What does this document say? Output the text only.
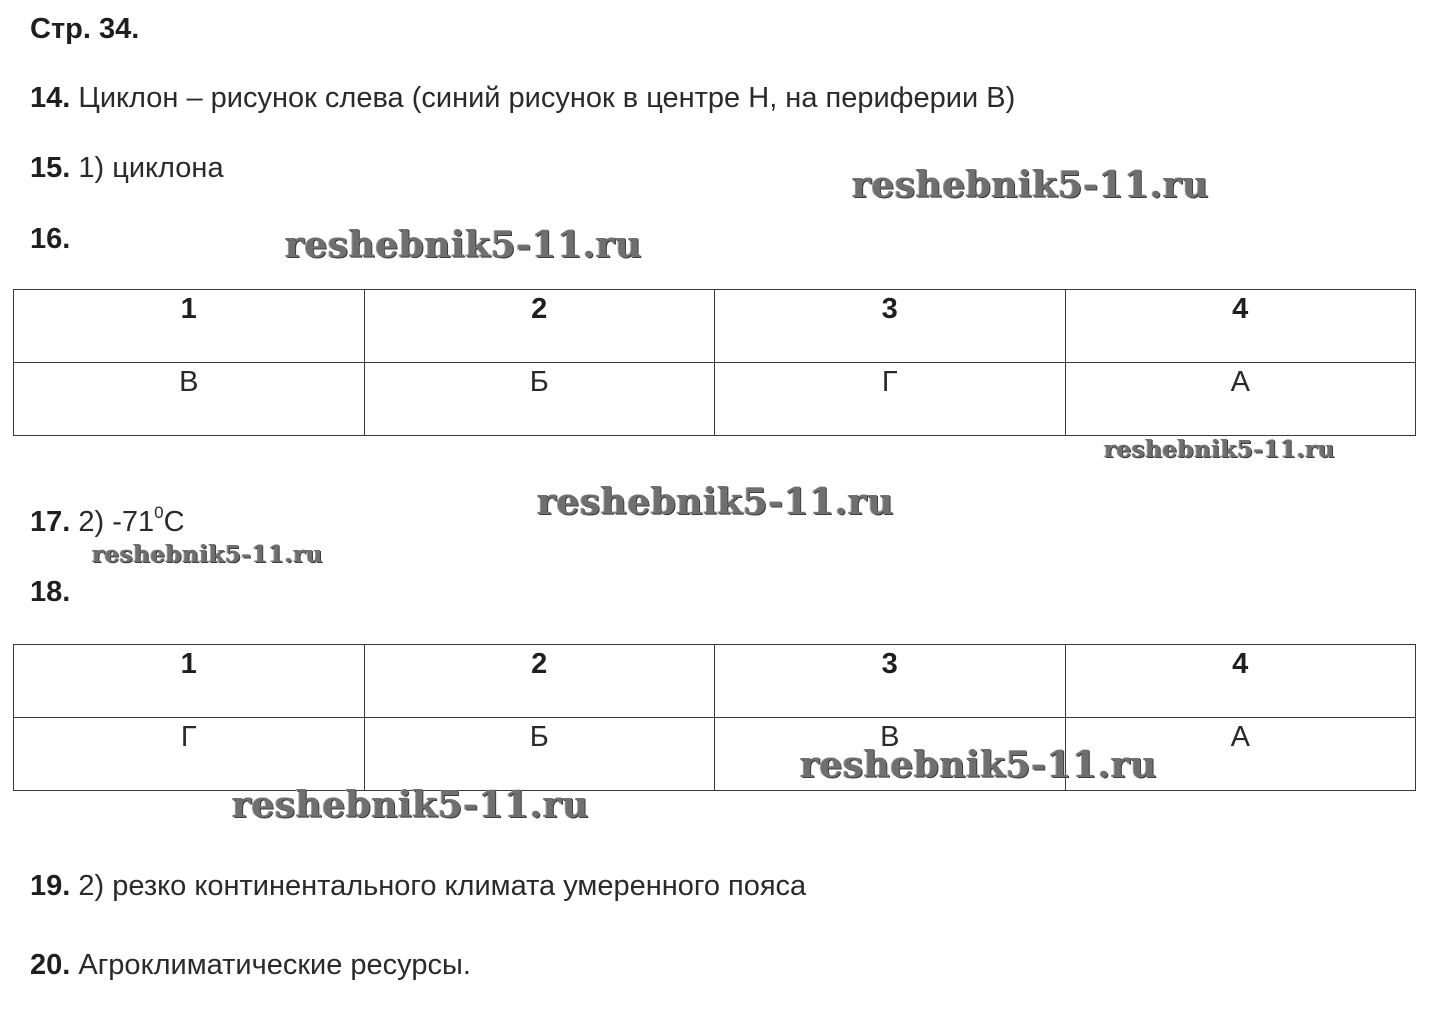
Стр. 34.
14. Циклон – рисунок слева (синий рисунок в центре Н, на периферии В)
15. 1) циклона
16.
1	2	3	4
В	Б	Г	А
17. 2) $-71^0С$
18.
1	2	3	4
Г	Б	В	А
19. 2) резко континентального климата умеренного пояса
20. Агроклиматические ресурсы.
reshebnik5-11.ru
reshebnik5-11.ru
reshebnik5-11.ru
reshebnik5-11.ru
reshebnik5-11.ru
reshebnik5-11.ru
reshebnik5-11.ru
